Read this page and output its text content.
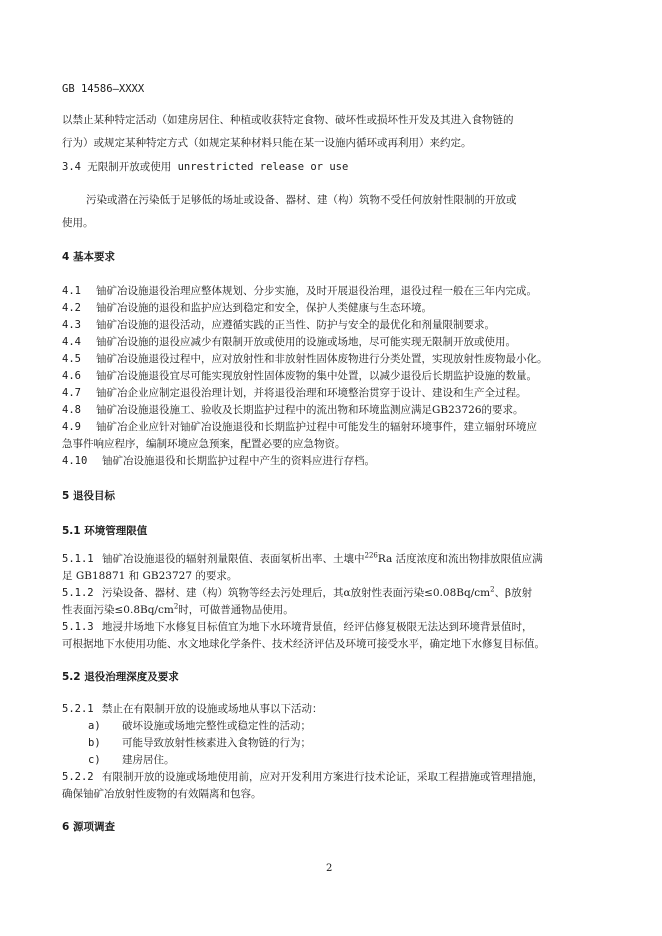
GB 14586—XXXX
以禁止某种特定活动（如建房居住、种植或收获特定食物、破坏性或损坏性开发及其进入食物链的
行为）或规定某种特定方式（如规定某种材料只能在某一设施内循环或再利用）来约定。
3.4 无限制开放或使用 unrestricted release or use
污染或潜在污染低于足够低的场址或设备、器材、建（构）筑物不受任何放射性限制的开放或
使用。
4 基本要求
4.1 铀矿冶设施退役治理应整体规划、分步实施，及时开展退役治理，退役过程一般在三年内完成。
4.2 铀矿冶设施的退役和监护应达到稳定和安全，保护人类健康与生态环境。
4.3 铀矿冶设施的退役活动，应遵循实践的正当性、防护与安全的最优化和剂量限制要求。
4.4 铀矿冶设施的退役应减少有限制开放或使用的设施或场地，尽可能实现无限制开放或使用。
4.5 铀矿冶设施退役过程中，应对放射性和非放射性固体废物进行分类处置，实现放射性废物最小化。
4.6 铀矿冶设施退役宜尽可能实现放射性固体废物的集中处置，以减少退役后长期监护设施的数量。
4.7 铀矿冶企业应制定退役治理计划，并将退役治理和环境整治贯穿于设计、建设和生产全过程。
4.8 铀矿冶设施退役施工、验收及长期监护过程中的流出物和环境监测应满足GB23726的要求。
4.9 铀矿冶企业应针对铀矿冶设施退役和长期监护过程中可能发生的辐射环境事件，建立辐射环境应
急事件响应程序，编制环境应急预案，配置必要的应急物资。
4.10 铀矿冶设施退役和长期监护过程中产生的资料应进行存档。
5 退役目标
5.1 环境管理限值
5.1.1 铀矿冶设施退役的辐射剂量限值、表面氡析出率、土壤中$^{226}$Ra 活度浓度和流出物排放限值应满
足 GB18871 和 GB23727 的要求。
5.1.2 污染设备、器材、建（构）筑物等经去污处理后，其α放射性表面污染$\le 0.08Bq/cm^2$、β放射
性表面污染$\le 0.8Bq/cm^2$时，可做普通物品使用。
5.1.3 地浸井场地下水修复目标值宜为地下水环境背景值，经评估修复极限无法达到环境背景值时，
可根据地下水使用功能、水文地球化学条件、技术经济评估及环境可接受水平，确定地下水修复目标值。
5.2 退役治理深度及要求
5.2.1 禁止在有限制开放的设施或场地从事以下活动：
a) 破坏设施或场地完整性或稳定性的活动；
b) 可能导致放射性核素进入食物链的行为；
c) 建房居住。
5.2.2 有限制开放的设施或场地使用前，应对开发利用方案进行技术论证，采取工程措施或管理措施，
确保铀矿冶放射性废物的有效隔离和包容。
6 源项调查
2
